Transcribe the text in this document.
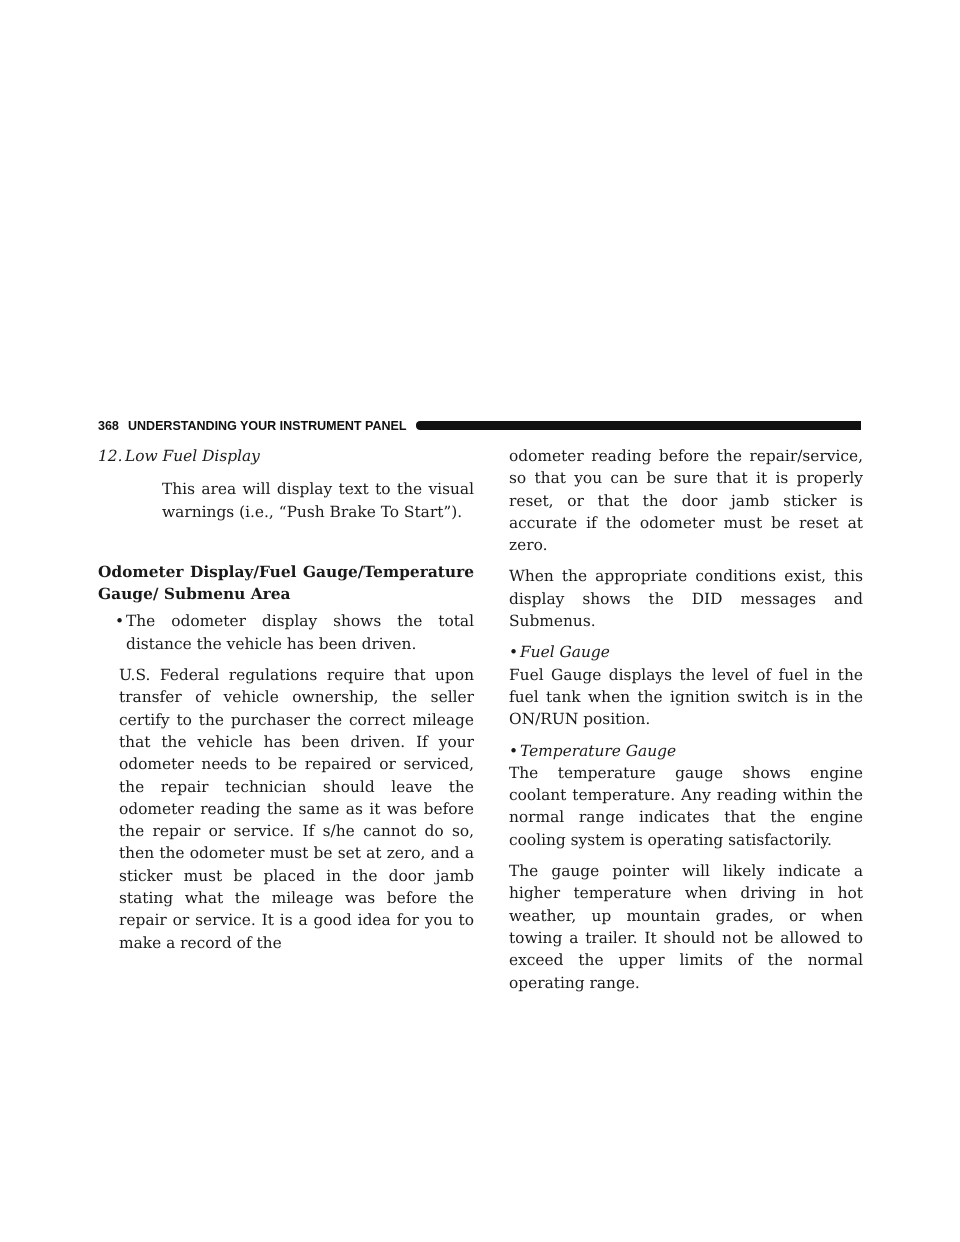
368 UNDERSTANDING YOUR INSTRUMENT PANEL

12. Low Fuel Display

This area will display text to the visual warnings (i.e., “Push Brake To Start”).

Odometer Display/Fuel Gauge/Temperature Gauge/ Submenu Area

• The odometer display shows the total distance the vehicle has been driven.

U.S. Federal regulations require that upon transfer of vehicle ownership, the seller certify to the purchaser the correct mileage that the vehicle has been driven. If your odometer needs to be repaired or serviced, the repair technician should leave the odometer reading the same as it was before the repair or service. If s/he cannot do so, then the odometer must be set at zero, and a sticker must be placed in the door jamb stating what the mileage was before the repair or service. It is a good idea for you to make a record of the

odometer reading before the repair/service, so that you can be sure that it is properly reset, or that the door jamb sticker is accurate if the odometer must be reset at zero.

When the appropriate conditions exist, this display shows the DID messages and Submenus.

• Fuel Gauge

Fuel Gauge displays the level of fuel in the fuel tank when the ignition switch is in the ON/RUN position.

• Temperature Gauge

The temperature gauge shows engine coolant temperature. Any reading within the normal range indicates that the engine cooling system is operating satisfactorily.

The gauge pointer will likely indicate a higher temperature when driving in hot weather, up mountain grades, or when towing a trailer. It should not be allowed to exceed the upper limits of the normal operating range.
